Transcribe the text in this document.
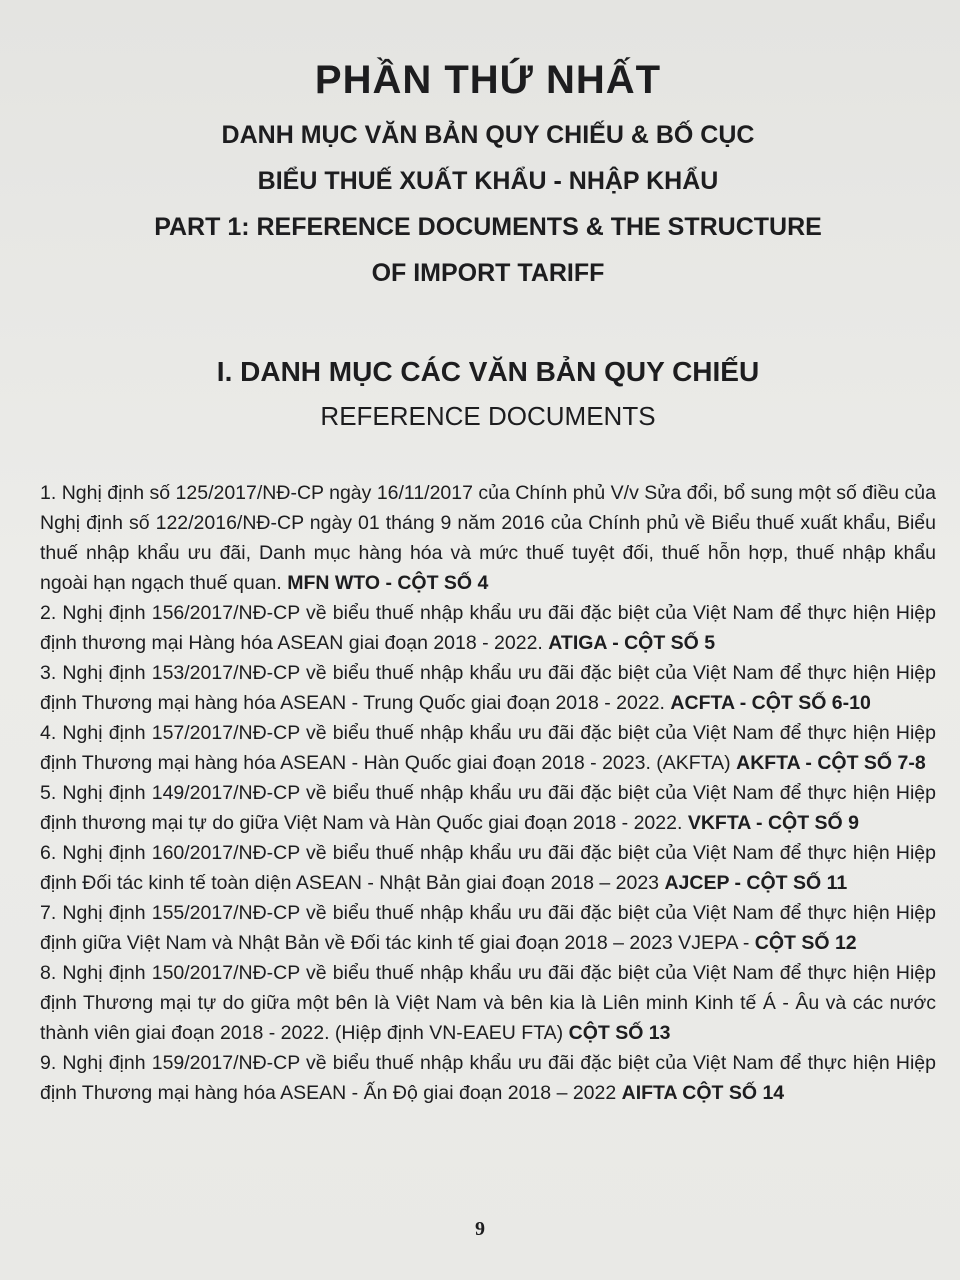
PHẦN THỨ NHẤT
DANH MỤC VĂN BẢN QUY CHIẾU & BỐ CỤC
BIỂU THUẾ XUẤT KHẨU - NHẬP KHẨU
PART 1: REFERENCE DOCUMENTS & THE STRUCTURE
OF IMPORT TARIFF
I. DANH MỤC CÁC VĂN BẢN QUY CHIẾU
REFERENCE DOCUMENTS

1. Nghị định số 125/2017/NĐ-CP ngày 16/11/2017 của Chính phủ V/v Sửa đổi, bổ sung một số điều của Nghị định số 122/2016/NĐ-CP ngày 01 tháng 9 năm 2016 của Chính phủ về Biểu thuế xuất khẩu, Biểu thuế nhập khẩu ưu đãi, Danh mục hàng hóa và mức thuế tuyệt đối, thuế hỗn hợp, thuế nhập khẩu ngoài hạn ngạch thuế quan. MFN WTO - CỘT SỐ 4

2. Nghị định 156/2017/NĐ-CP về biểu thuế nhập khẩu ưu đãi đặc biệt của Việt Nam để thực hiện Hiệp định thương mại Hàng hóa ASEAN giai đoạn 2018 - 2022. ATIGA - CỘT SỐ 5

3. Nghị định 153/2017/NĐ-CP về biểu thuế nhập khẩu ưu đãi đặc biệt của Việt Nam để thực hiện Hiệp định Thương mại hàng hóa ASEAN - Trung Quốc giai đoạn 2018 - 2022. ACFTA - CỘT SỐ 6-10

4. Nghị định 157/2017/NĐ-CP về biểu thuế nhập khẩu ưu đãi đặc biệt của Việt Nam để thực hiện Hiệp định Thương mại hàng hóa ASEAN - Hàn Quốc giai đoạn 2018 - 2023. (AKFTA) AKFTA - CỘT SỐ 7-8

5. Nghị định 149/2017/NĐ-CP về biểu thuế nhập khẩu ưu đãi đặc biệt của Việt Nam để thực hiện Hiệp định thương mại tự do giữa Việt Nam và Hàn Quốc giai đoạn 2018 - 2022. VKFTA - CỘT SỐ 9

6. Nghị định 160/2017/NĐ-CP về biểu thuế nhập khẩu ưu đãi đặc biệt của Việt Nam để thực hiện Hiệp định Đối tác kinh tế toàn diện ASEAN - Nhật Bản giai đoạn 2018 – 2023 AJCEP - CỘT SỐ 11

7. Nghị định 155/2017/NĐ-CP về biểu thuế nhập khẩu ưu đãi đặc biệt của Việt Nam để thực hiện Hiệp định giữa Việt Nam và Nhật Bản về Đối tác kinh tế giai đoạn 2018 – 2023 VJEPA - CỘT SỐ 12

8. Nghị định 150/2017/NĐ-CP về biểu thuế nhập khẩu ưu đãi đặc biệt của Việt Nam để thực hiện Hiệp định Thương mại tự do giữa một bên là Việt Nam và bên kia là Liên minh Kinh tế Á - Âu và các nước thành viên giai đoạn 2018 - 2022. (Hiệp định VN-EAEU FTA) CỘT SỐ 13

9. Nghị định 159/2017/NĐ-CP về biểu thuế nhập khẩu ưu đãi đặc biệt của Việt Nam để thực hiện Hiệp định Thương mại hàng hóa ASEAN - Ấn Độ giai đoạn 2018 – 2022 AIFTA CỘT SỐ 14

9
